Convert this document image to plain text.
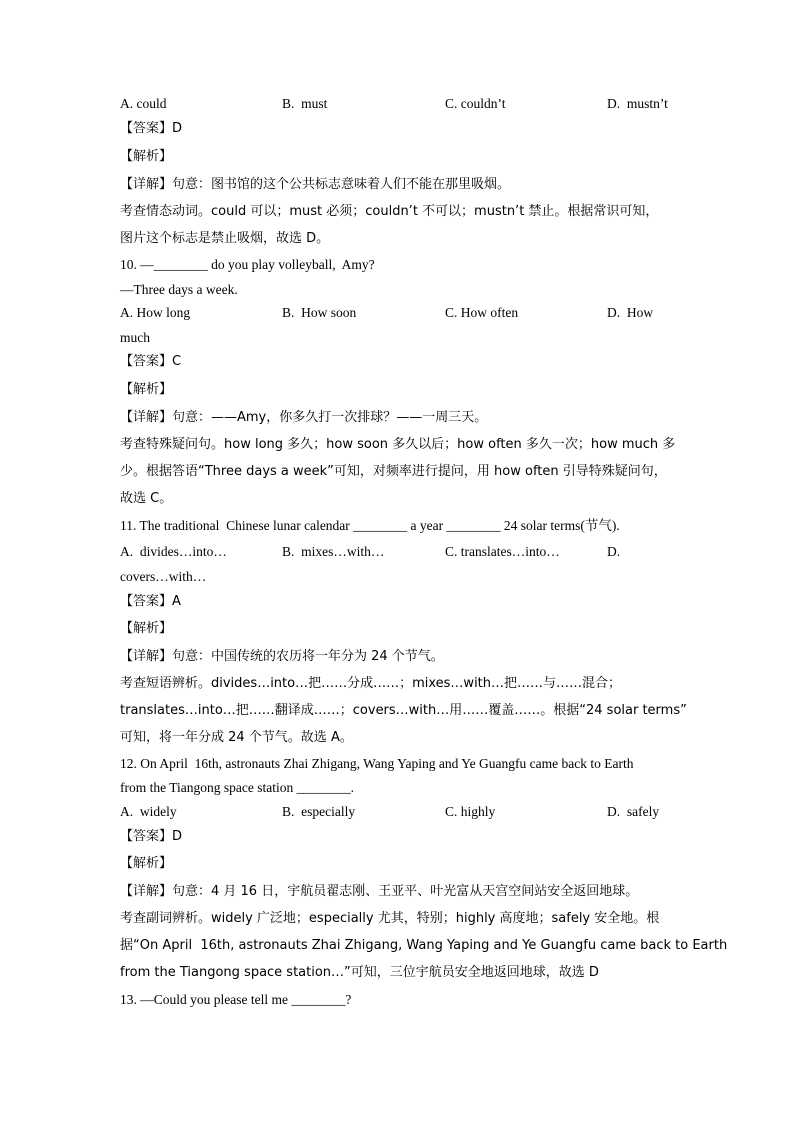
A. could	B.  must	C. couldn’t	D.  mustn’t
【答案】D
【解析】
【详解】句意：图书馆的这个公共标志意味着人们不能在那里吸烟。
考查情态动词。could 可以；must 必须；couldn’t 不可以；mustn’t 禁止。根据常识可知，
图片这个标志是禁止吸烟，故选 D。
10. —________ do you play volleyball,  Amy?
—Three days a week.
A. How long	B.  How soon	C. How often	D.  How
much
【答案】C
【解析】
【详解】句意：——Amy，你多久打一次排球？——一周三天。
考查特殊疑问句。how long 多久；how soon 多久以后；how often 多久一次；how much 多
少。根据答语“Three days a week”可知，对频率进行提问，用 how often 引导特殊疑问句，
故选 C。
11. The traditional  Chinese lunar calendar ________ a year ________ 24 solar terms(节气).
A.  divides…into…	B.  mixes…with…	C. translates…into…	D.
covers…with…
【答案】A
【解析】
【详解】句意：中国传统的农历将一年分为 24 个节气。
考查短语辨析。divides…into…把……分成……；mixes…with…把……与……混合；
translates…into…把……翻译成……；covers…with…用……覆盖……。根据“24 solar terms”
可知，将一年分成 24 个节气。故选 A。
12. On April  16th, astronauts Zhai Zhigang, Wang Yaping and Ye Guangfu came back to Earth
from the Tiangong space station ________.
A.  widely	B.  especially	C. highly	D.  safely
【答案】D
【解析】
【详解】句意：4 月 16 日，宇航员翟志刚、王亚平、叶光富从天宫空间站安全返回地球。
考查副词辨析。widely 广泛地；especially 尤其，特别；highly 高度地；safely 安全地。根
据“On April  16th, astronauts Zhai Zhigang, Wang Yaping and Ye Guangfu came back to Earth
from the Tiangong space station…”可知，三位宇航员安全地返回地球，故选 D
13. —Could you please tell me ________?
